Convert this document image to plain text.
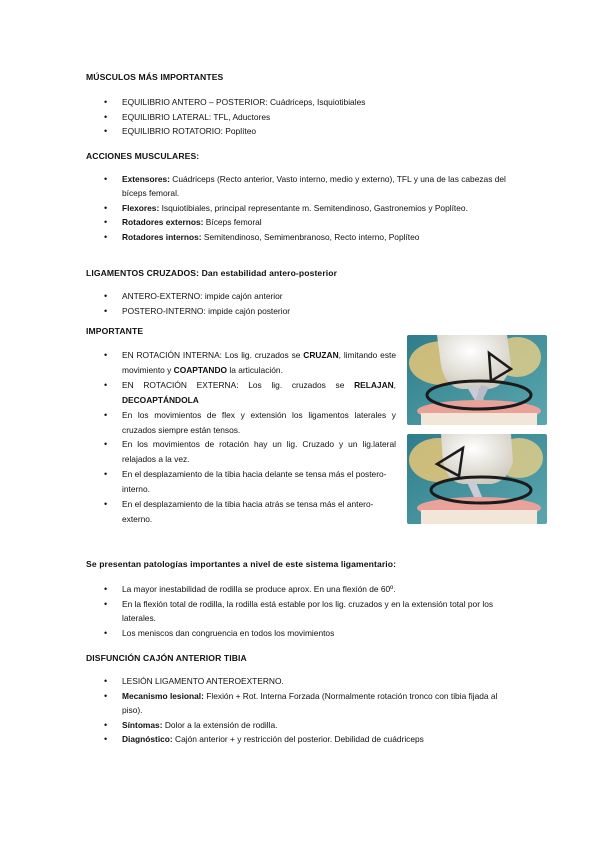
MÚSCULOS MÁS IMPORTANTES
• EQUILIBRIO ANTERO – POSTERIOR: Cuádriceps, Isquiotibiales
• EQUILIBRIO LATERAL: TFL, Aductores
• EQUILIBRIO ROTATORIO: Poplíteo
ACCIONES MUSCULARES:
• Extensores: Cuádriceps (Recto anterior, Vasto interno, medio y externo), TFL y una de las cabezas del bíceps femoral.
• Flexores: Isquiotibiales, principal representante m. Semitendinoso, Gastronemios y Poplíteo.
• Rotadores externos: Bíceps femoral
• Rotadores internos: Semitendinoso, Semimenbranoso, Recto interno, Poplíteo
LIGAMENTOS CRUZADOS: Dan estabilidad antero-posterior
• ANTERO-EXTERNO: impide cajón anterior
• POSTERO-INTERNO: impide cajón posterior
IMPORTANTE
• EN ROTACIÓN INTERNA: Los lig. cruzados se CRUZAN, limitando este movimiento y COAPTANDO la articulación.
• EN ROTACIÓN EXTERNA: Los lig. cruzados se RELAJAN, DECOAPTÁNDOLA
• En los movimientos de flex y extensión los ligamentos laterales y cruzados siempre están tensos.
• En los movimientos de rotación hay un lig. Cruzado y un lig.lateral relajados a la vez.
• En el desplazamiento de la tibia hacia delante se tensa más el postero-interno.
• En el desplazamiento de la tibia hacia atrás se tensa más el antero-externo.
Se presentan patologías importantes a nivel de este sistema ligamentario:
• La mayor inestabilidad de rodilla se produce aprox. En una flexión de 60º.
• En la flexión total de rodilla, la rodilla está estable por los lig. cruzados y en la extensión total por los laterales.
• Los meniscos dan congruencia en todos los movimientos
DISFUNCIÓN CAJÓN ANTERIOR TIBIA
• LESIÓN LIGAMENTO ANTEROEXTERNO.
• Mecanismo lesional: Flexión + Rot. Interna Forzada (Normalmente rotación tronco con tibia fijada al piso).
• Síntomas: Dolor a la extensión de rodilla.
• Diagnóstico: Cajón anterior + y restricción del posterior. Debilidad de cuádriceps
